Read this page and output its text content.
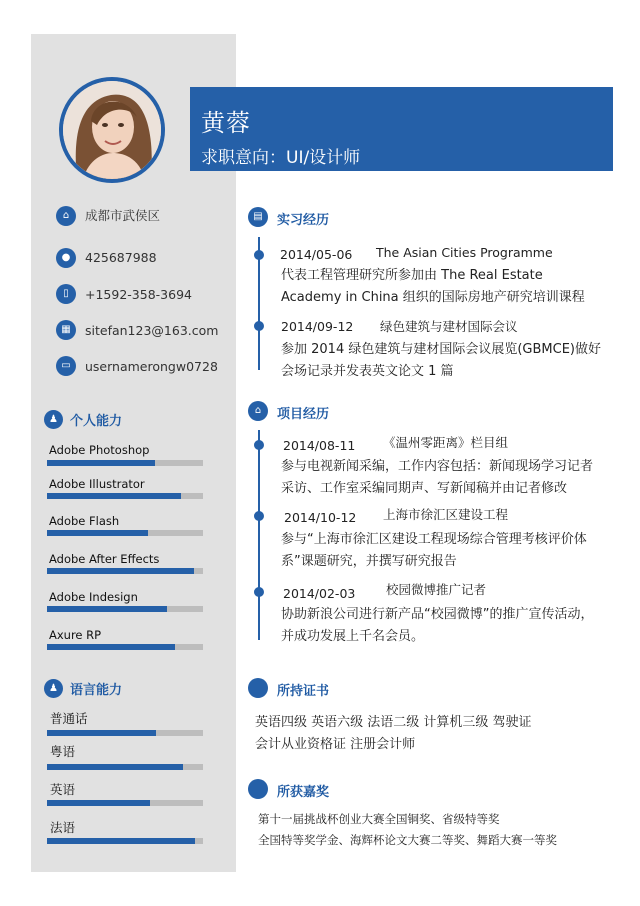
黄蓉
求职意向：UI/设计师
⌂	成都市武侯区
●	425687988
▯	+1592-358-3694
▦	sitefan123@163.com
▭	usernamerongw0728
♟ 个人能力
Adobe Photoshop
Adobe Illustrator
Adobe Flash
Adobe After Effects
Adobe Indesign
Axure RP
♟ 语言能力
普通话
粤语
英语
法语
▤	实习经历
2014/05-06 The Asian Cities Programme
代表工程管理研究所参加由 The Real Estate Academy in China 组织的国际房地产研究培训课程
2014/09-12 绿色建筑与建材国际会议
参加 2014 绿色建筑与建材国际会议展览(GBMCE)做好会场记录并发表英文论文 1 篇
⌂	项目经历
2014/08-11 《温州零距离》栏目组
参与电视新闻采编，工作内容包括：新闻现场学习记者采访、工作室采编同期声、写新闻稿并由记者修改
2014/10-12 上海市徐汇区建设工程
参与“上海市徐汇区建设工程现场综合管理考核评价体系”课题研究，并撰写研究报告
2014/02-03 校园微博推广记者
协助新浪公司进行新产品“校园微博”的推广宣传活动，并成功发展上千名会员。
所持证书
英语四级 英语六级 法语二级 计算机三级 驾驶证
会计从业资格证 注册会计师
所获嘉奖
第十一届挑战杯创业大赛全国铜奖、省级特等奖
全国特等奖学金、海辉杯论文大赛二等奖、舞蹈大赛一等奖
